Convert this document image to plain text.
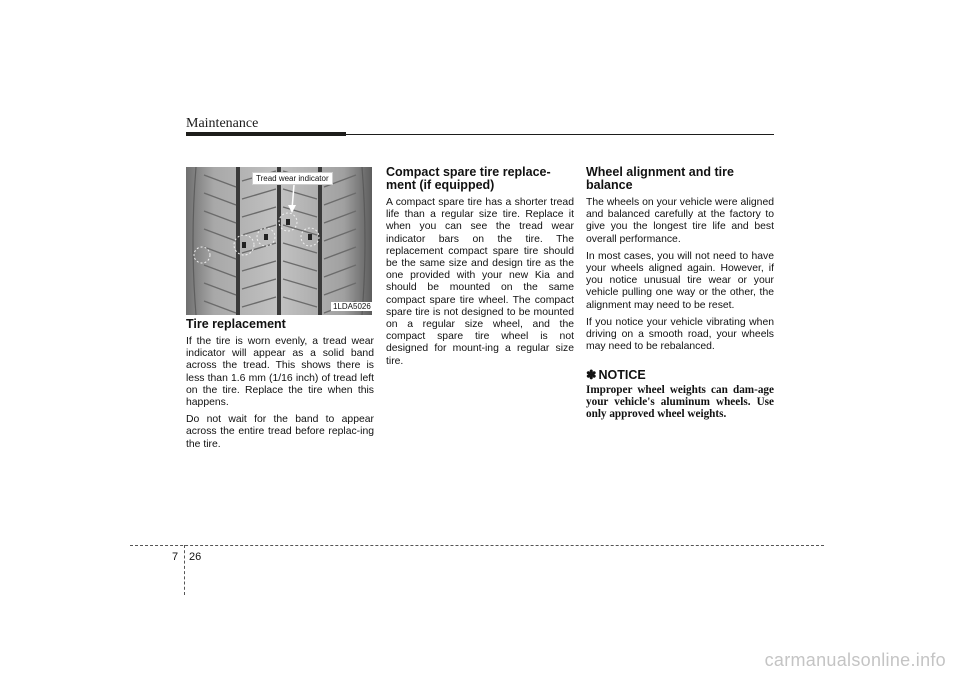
Maintenance
Tread wear indicator
1LDA5026
Tire replacement

If the tire is worn evenly, a tread wear indicator will appear as a solid band across the tread. This shows there is less than 1.6 mm (1/16 inch) of tread left on the tire. Replace the tire when this happens.

Do not wait for the band to appear across the entire tread before replac-ing the tire.

Compact spare tire replace-ment (if equipped)

A compact spare tire has a shorter tread life than a regular size tire. Replace it when you can see the tread wear indicator bars on the tire. The replacement compact spare tire should be the same size and design tire as the one provided with your new Kia and should be mounted on the same compact spare tire wheel. The compact spare tire is not designed to be mounted on a regular size wheel, and the compact spare tire wheel is not designed for mount-ing a regular size tire.

Wheel alignment and tire balance

The wheels on your vehicle were aligned and balanced carefully at the factory to give you the longest tire life and best overall performance.

In most cases, you will not need to have your wheels aligned again. However, if you notice unusual tire wear or your vehicle pulling one way or the other, the alignment may need to be reset.

If you notice your vehicle vibrating when driving on a smooth road, your wheels may need to be rebalanced.

✽ NOTICE

Improper wheel weights can dam-age your vehicle's aluminum wheels. Use only approved wheel weights.

7 26
carmanualsonline.info
